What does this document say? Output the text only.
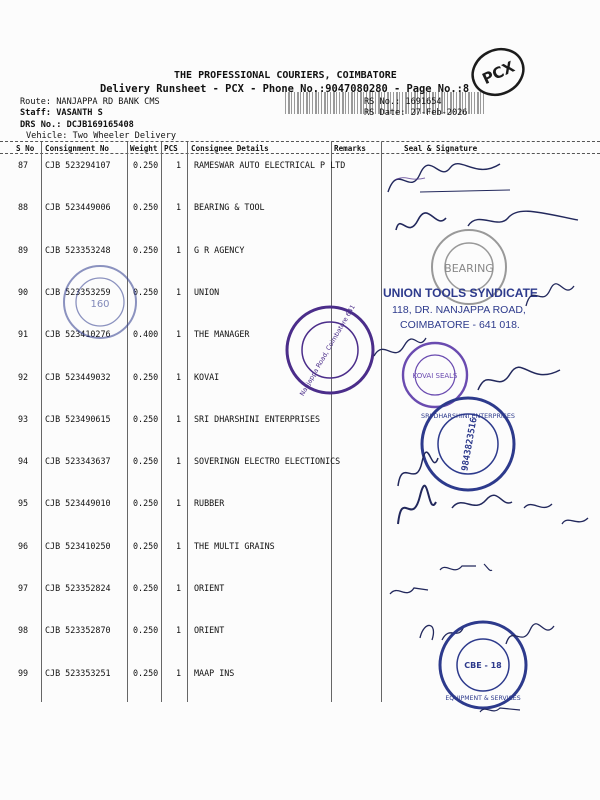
THE PROFESSIONAL COURIERS, COIMBATORE
Delivery Runsheet - PCX - Phone No.:9047080280 - Page No.:8
PCX
Route: NANJAPPA RD BANK CMS
Staff: VASANTH S
DRS No.: DCJB169165408
Vehicle: Two Wheeler Delivery
RS No.: 1691654
RS Date: 27-Feb-2026
S No Consignment No	Weight PCS Consignee Details	Remarks	Seal & Signature
87 CJB 523294107	0.250 1 RAMESWAR AUTO ELECTRICAL P LTD
88 CJB 523449006	0.250 1 BEARING & TOOL
89 CJB 523353248	0.250 1 G R AGENCY
90 CJB 523353259	0.250 1 UNION
91 CJB 523410276	0.400 1 THE MANAGER
92 CJB 523449032	0.250 1 KOVAI
93 CJB 523490615	0.250 1 SRI DHARSHINI ENTERPRISES
94 CJB 523343637	0.250 1 SOVERINGN ELECTRO ELECTIONICS
95 CJB 523449010	0.250 1 RUBBER
96 CJB 523410250	0.250 1 THE MULTI GRAINS
97 CJB 523352824	0.250 1 ORIENT
98 CJB 523352870	0.250 1 ORIENT
99 CJB 523353251	0.250 1 MAAP INS
BEARING
160
UNION TOOLS SYNDICATE
118, DR. NANJAPPA ROAD,
COIMBATORE - 641 018.
Dr. Nanjappa Road, Coimbatore 641 018	KOVAI SEALS
SRI DHARSHINI ENTERPRISES
9843823516
CBE - 18
EQUIPMENT & SERVICES
